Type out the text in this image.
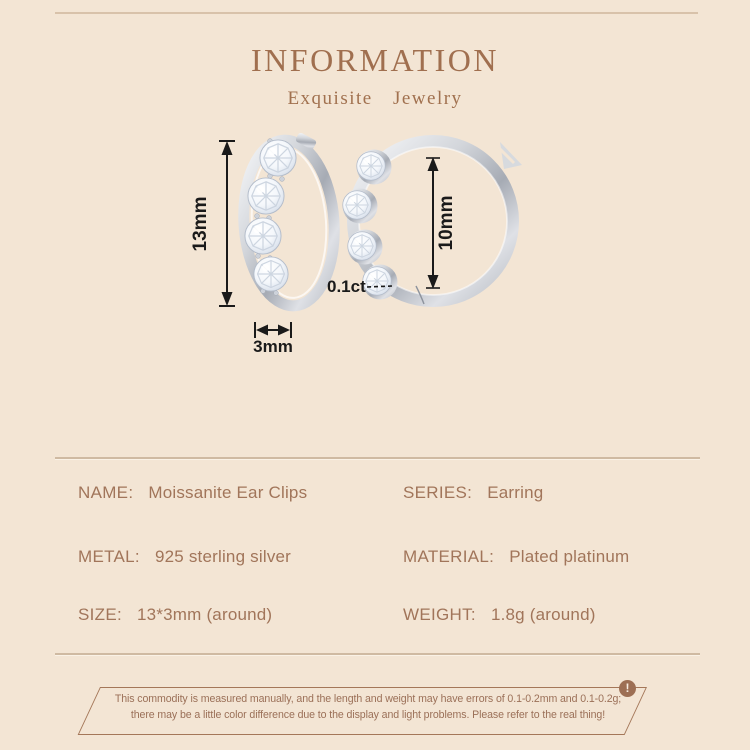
INFORMATION
Exquisite Jewelry
13mm
3mm
10mm
0.1ct
NAME: Moissanite Ear Clips	SERIES: Earring
METAL: 925 sterling silver	MATERIAL: Plated platinum
SIZE: 13*3mm (around)	WEIGHT: 1.8g (around)
This commodity is measured manually, and the length and weight may have errors of 0.1-0.2mm and 0.1-0.2g;
there may be a little color difference due to the display and light problems. Please refer to the real thing!
!
